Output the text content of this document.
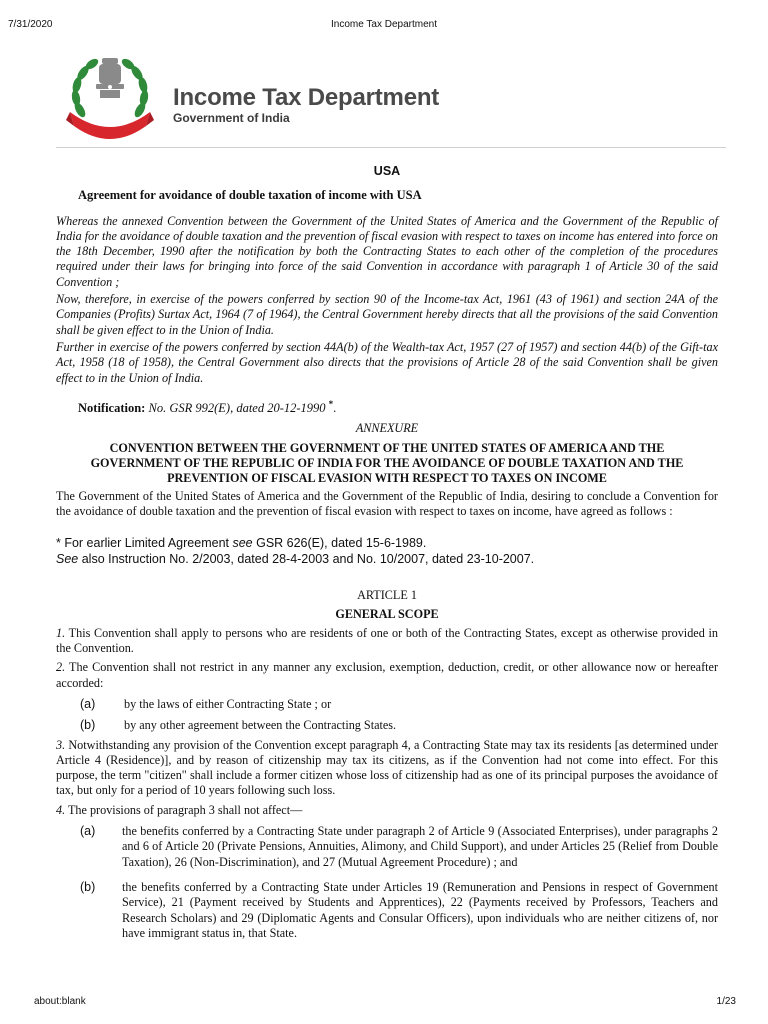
7/31/2020	Income Tax Department
Income Tax Department
Government of India
USA
Agreement for avoidance of double taxation of income with USA

Whereas the annexed Convention between the Government of the United States of America and the Government of the Republic of India for the avoidance of double taxation and the prevention of fiscal evasion with respect to taxes on income has entered into force on the 18th December, 1990 after the notification by both the Contracting States to each other of the completion of the procedures required under their laws for bringing into force of the said Convention in accordance with paragraph 1 of Article 30 of the said Convention ;

Now, therefore, in exercise of the powers conferred by section 90 of the Income-tax Act, 1961 (43 of 1961) and section 24A of the Companies (Profits) Surtax Act, 1964 (7 of 1964), the Central Government hereby directs that all the provisions of the said Convention shall be given effect to in the Union of India.

Further in exercise of the powers conferred by section 44A(b) of the Wealth-tax Act, 1957 (27 of 1957) and section 44(b) of the Gift-tax Act, 1958 (18 of 1958), the Central Government also directs that the provisions of Article 28 of the said Convention shall be given effect to in the Union of India.

Notification: No. GSR 992(E), dated 20-12-1990 *.
ANNEXURE
CONVENTION BETWEEN THE GOVERNMENT OF THE UNITED STATES OF AMERICA AND THE GOVERNMENT OF THE REPUBLIC OF INDIA FOR THE AVOIDANCE OF DOUBLE TAXATION AND THE PREVENTION OF FISCAL EVASION WITH RESPECT TO TAXES ON INCOME

The Government of the United States of America and the Government of the Republic of India, desiring to conclude a Convention for the avoidance of double taxation and the prevention of fiscal evasion with respect to taxes on income, have agreed as follows :

* For earlier Limited Agreement see GSR 626(E), dated 15-6-1989.
See also Instruction No. 2/2003, dated 28-4-2003 and No. 10/2007, dated 23-10-2007.
ARTICLE 1
GENERAL SCOPE

1. This Convention shall apply to persons who are residents of one or both of the Contracting States, except as otherwise provided in the Convention.

2. The Convention shall not restrict in any manner any exclusion, exemption, deduction, credit, or other allowance now or hereafter accorded:

(a)	by the laws of either Contracting State ; or
(b)	by any other agreement between the Contracting States.

3. Notwithstanding any provision of the Convention except paragraph 4, a Contracting State may tax its residents [as determined under Article 4 (Residence)], and by reason of citizenship may tax its citizens, as if the Convention had not come into effect. For this purpose, the term "citizen" shall include a former citizen whose loss of citizenship had as one of its principal purposes the avoidance of tax, but only for a period of 10 years following such loss.

4. The provisions of paragraph 3 shall not affect—

(a)	the benefits conferred by a Contracting State under paragraph 2 of Article 9 (Associated Enterprises), under paragraphs 2 and 6 of Article 20 (Private Pensions, Annuities, Alimony, and Child Support), and under Articles 25 (Relief from Double Taxation), 26 (Non-Discrimination), and 27 (Mutual Agreement Procedure) ; and
(b)	the benefits conferred by a Contracting State under Articles 19 (Remuneration and Pensions in respect of Government Service), 21 (Payment received by Students and Apprentices), 22 (Payments received by Professors, Teachers and Research Scholars) and 29 (Diplomatic Agents and Consular Officers), upon individuals who are neither citizens of, nor have immigrant status in, that State.
about:blank	1/23
